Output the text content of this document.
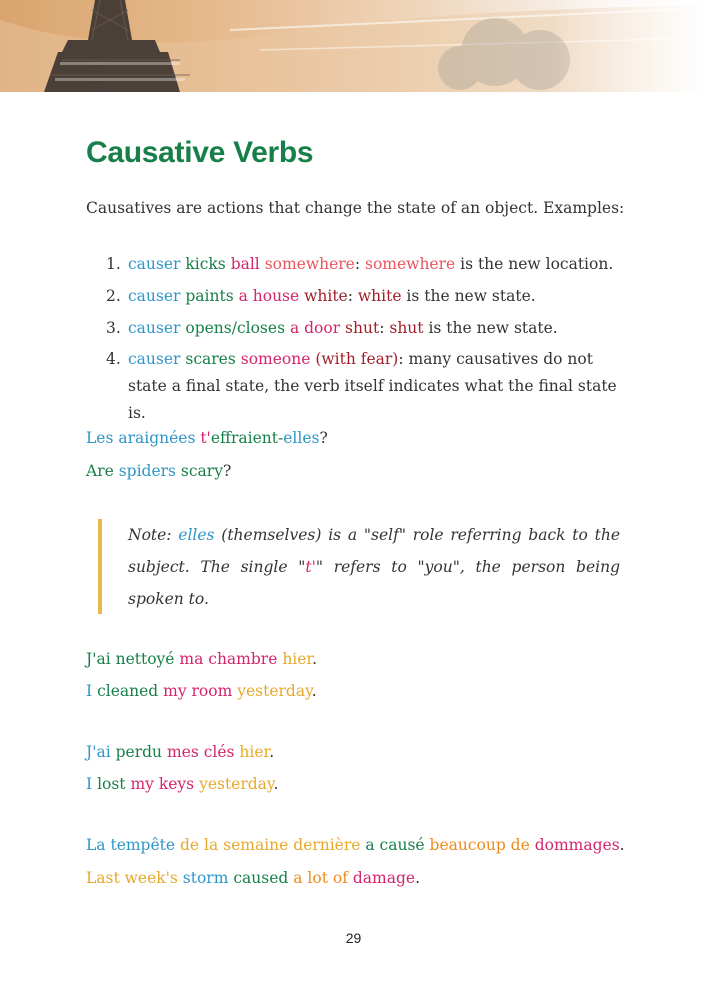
Causative Verbs

Causatives are actions that change the state of an object. Examples:

1. causer kicks ball somewhere: somewhere is the new location.
2. causer paints a house white: white is the new state.
3. causer opens/closes a door shut: shut is the new state.
4. causer scares someone (with fear): many causatives do not state a final state, the verb itself indicates what the final state is.

Les araignées t'effraient-elles?

Are spiders scary?

Note: elles (themselves) is a "self" role referring back to the subject. The single "t'" refers to "you", the person being spoken to.

J'ai nettoyé ma chambre hier.

I cleaned my room yesterday.

J'ai perdu mes clés hier.

I lost my keys yesterday.

La tempête de la semaine dernière a causé beaucoup de dommages.

Last week's storm caused a lot of damage.

29
